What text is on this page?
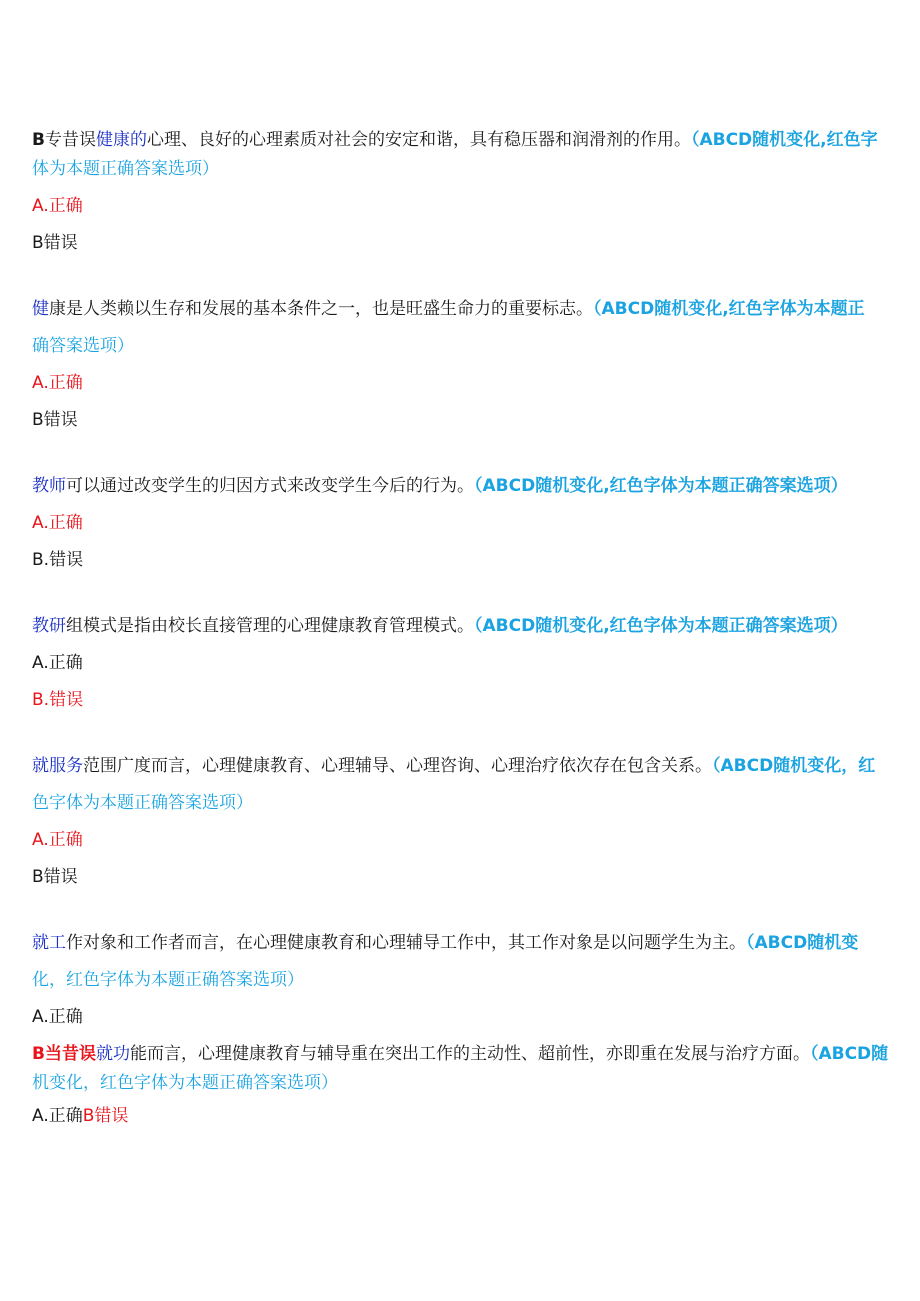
B专昔误健康的心理、良好的心理素质对社会的安定和谐，具有稳压器和润滑剂的作用。（ABCD随机变化,红色字
体为本题正确答案选项）
A.正确
B错误
健康是人类赖以生存和发展的基本条件之一，也是旺盛生命力的重要标志。（ABCD随机变化,红色字体为本题正
确答案选项）
A.正确
B错误
教师可以通过改变学生的归因方式来改变学生今后的行为。（ABCD随机变化,红色字体为本题正确答案选项）
A.正确
B.错误
教研组模式是指由校长直接管理的心理健康教育管理模式。（ABCD随机变化,红色字体为本题正确答案选项）
A.正确
B.错误
就服务范围广度而言，心理健康教育、心理辅导、心理咨询、心理治疗依次存在包含关系。（ABCD随机变化，红
色字体为本题正确答案选项）
A.正确
B错误
就工作对象和工作者而言，在心理健康教育和心理辅导工作中，其工作对象是以问题学生为主。（ABCD随机变
化，红色字体为本题正确答案选项）
A.正确
B当昔误就功能而言，心理健康教育与辅导重在突出工作的主动性、超前性，亦即重在发展与治疗方面。（ABCD随
机变化，红色字体为本题正确答案选项）
A.正确B错误
